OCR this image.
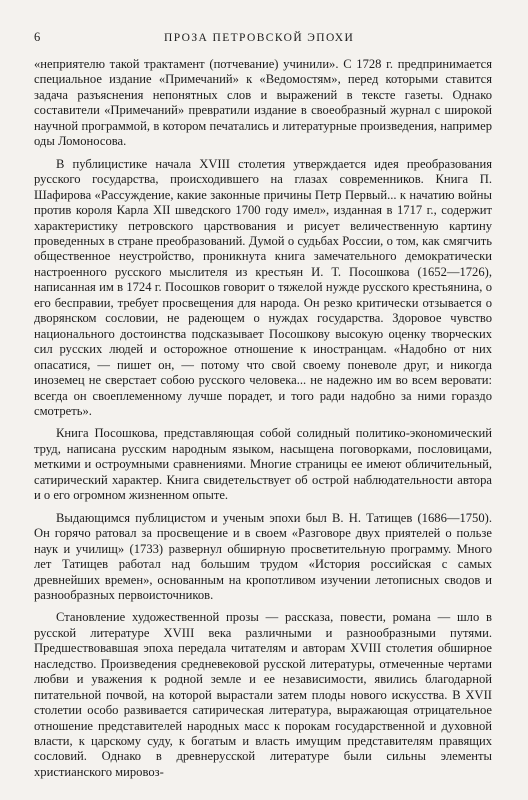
6	ПРОЗА ПЕТРОВСКОЙ ЭПОХИ

«неприятелю такой трактамент (потчевание) учинили». С 1728 г. предпринимается специальное издание «Примечаний» к «Ведомостям», перед которыми ставится задача разъяснения непонятных слов и выражений в тексте газеты. Однако составители «Примечаний» превратили издание в своеобразный журнал с широкой научной программой, в котором печатались и литературные произведения, например оды Ломоносова.

В публицистике начала XVIII столетия утверждается идея преобразования русского государства, происходившего на глазах современников. Книга П. Шафирова «Рассуждение, какие законные причины Петр Первый... к начатию войны против короля Карла XII шведского 1700 году имел», изданная в 1717 г., содержит характеристику петровского царствования и рисует величественную картину проведенных в стране преобразований. Думой о судьбах России, о том, как смягчить общественное неустройство, проникнута книга замечательного демократически настроенного русского мыслителя из крестьян И. Т. Посошкова (1652—1726), написанная им в 1724 г. Посошков говорит о тяжелой нужде русского крестьянина, о его бесправии, требует просвещения для народа. Он резко критически отзывается о дворянском сословии, не радеющем о нуждах государства. Здоровое чувство национального достоинства подсказывает Посошкову высокую оценку творческих сил русских людей и осторожное отношение к иностранцам. «Надобно от них опасатися, — пишет он, — потому что свой своему поневоле друг, и никогда иноземец не сверстает собою русского человека... не надежно им во всем веровати: всегда он своеплеменному лучше порадет, и того ради надобно за ними гораздо смотреть».

Книга Посошкова, представляющая собой солидный политико-экономический труд, написана русским народным языком, насыщена поговорками, пословицами, меткими и остроумными сравнениями. Многие страницы ее имеют обличительный, сатирический характер. Книга свидетельствует об острой наблюдательности автора и о его огромном жизненном опыте.

Выдающимся публицистом и ученым эпохи был В. Н. Татищев (1686—1750). Он горячо ратовал за просвещение и в своем «Разговоре двух приятелей о пользе наук и училищ» (1733) развернул обширную просветительную программу. Много лет Татищев работал над большим трудом «История российская с самых древнейших времен», основанным на кропотливом изучении летописных сводов и разнообразных первоисточников.

Становление художественной прозы — рассказа, повести, романа — шло в русской литературе XVIII века различными и разнообразными путями. Предшествовавшая эпоха передала читателям и авторам XVIII столетия обширное наследство. Произведения средневековой русской литературы, отмеченные чертами любви и уважения к родной земле и ее независимости, явились благодарной питательной почвой, на которой вырастали затем плоды нового искусства. В XVII столетии особо развивается сатирическая литература, выражающая отрицательное отношение представителей народных масс к порокам государственной и духовной власти, к царскому суду, к богатым и власть имущим представителям правящих сословий. Однако в древнерусской литературе были сильны элементы христианского мировоз-
